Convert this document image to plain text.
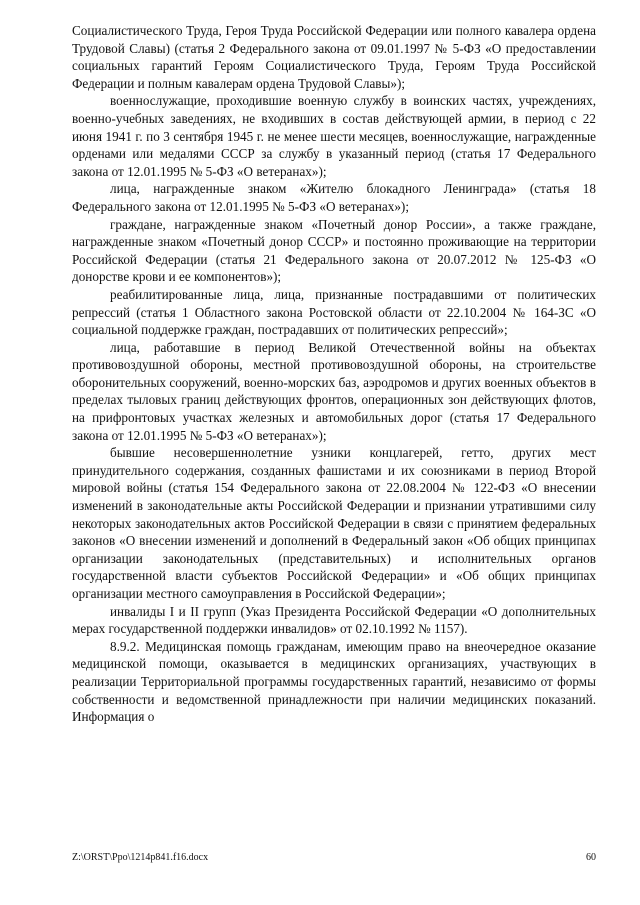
Социалистического Труда, Героя Труда Российской Федерации или полного кавалера ордена Трудовой Славы) (статья 2 Федерального закона от 09.01.1997 № 5-ФЗ «О предоставлении социальных гарантий Героям Социалистического Труда, Героям Труда Российской Федерации и полным кавалерам ордена Трудовой Славы»);

военнослужащие, проходившие военную службу в воинских частях, учреждениях, военно-учебных заведениях, не входивших в состав действующей армии, в период с 22 июня 1941 г. по 3 сентября 1945 г. не менее шести месяцев, военнослужащие, награжденные орденами или медалями СССР за службу в указанный период (статья 17 Федерального закона от 12.01.1995 № 5-ФЗ «О ветеранах»);

лица, награжденные знаком «Жителю блокадного Ленинграда» (статья 18 Федерального закона от 12.01.1995 № 5-ФЗ «О ветеранах»);

граждане, награжденные знаком «Почетный донор России», а также граждане, награжденные знаком «Почетный донор СССР» и постоянно проживающие на территории Российской Федерации (статья 21 Федерального закона от 20.07.2012 № 125-ФЗ «О донорстве крови и ее компонентов»);

реабилитированные лица, лица, признанные пострадавшими от политических репрессий (статья 1 Областного закона Ростовской области от 22.10.2004 № 164-ЗС «О социальной поддержке граждан, пострадавших от политических репрессий»;

лица, работавшие в период Великой Отечественной войны на объектах противовоздушной обороны, местной противовоздушной обороны, на строительстве оборонительных сооружений, военно-морских баз, аэродромов и других военных объектов в пределах тыловых границ действующих фронтов, операционных зон действующих флотов, на прифронтовых участках железных и автомобильных дорог (статья 17 Федерального закона от 12.01.1995 № 5-ФЗ «О ветеранах»);

бывшие несовершеннолетние узники концлагерей, гетто, других мест принудительного содержания, созданных фашистами и их союзниками в период Второй мировой войны (статья 154 Федерального закона от 22.08.2004 № 122-ФЗ «О внесении изменений в законодательные акты Российской Федерации и признании утратившими силу некоторых законодательных актов Российской Федерации в связи с принятием федеральных законов «О внесении изменений и дополнений в Федеральный закон «Об общих принципах организации законодательных (представительных) и исполнительных органов государственной власти субъектов Российской Федерации» и «Об общих принципах организации местного самоуправления в Российской Федерации»;

инвалиды I и II групп (Указ Президента Российской Федерации «О дополнительных мерах государственной поддержки инвалидов» от 02.10.1992 № 1157).

8.9.2. Медицинская помощь гражданам, имеющим право на внеочередное оказание медицинской помощи, оказывается в медицинских организациях, участвующих в реализации Территориальной программы государственных гарантий, независимо от формы собственности и ведомственной принадлежности при наличии медицинских показаний. Информация о

Z:\ORST\Ppo\1214p841.f16.docx	60
